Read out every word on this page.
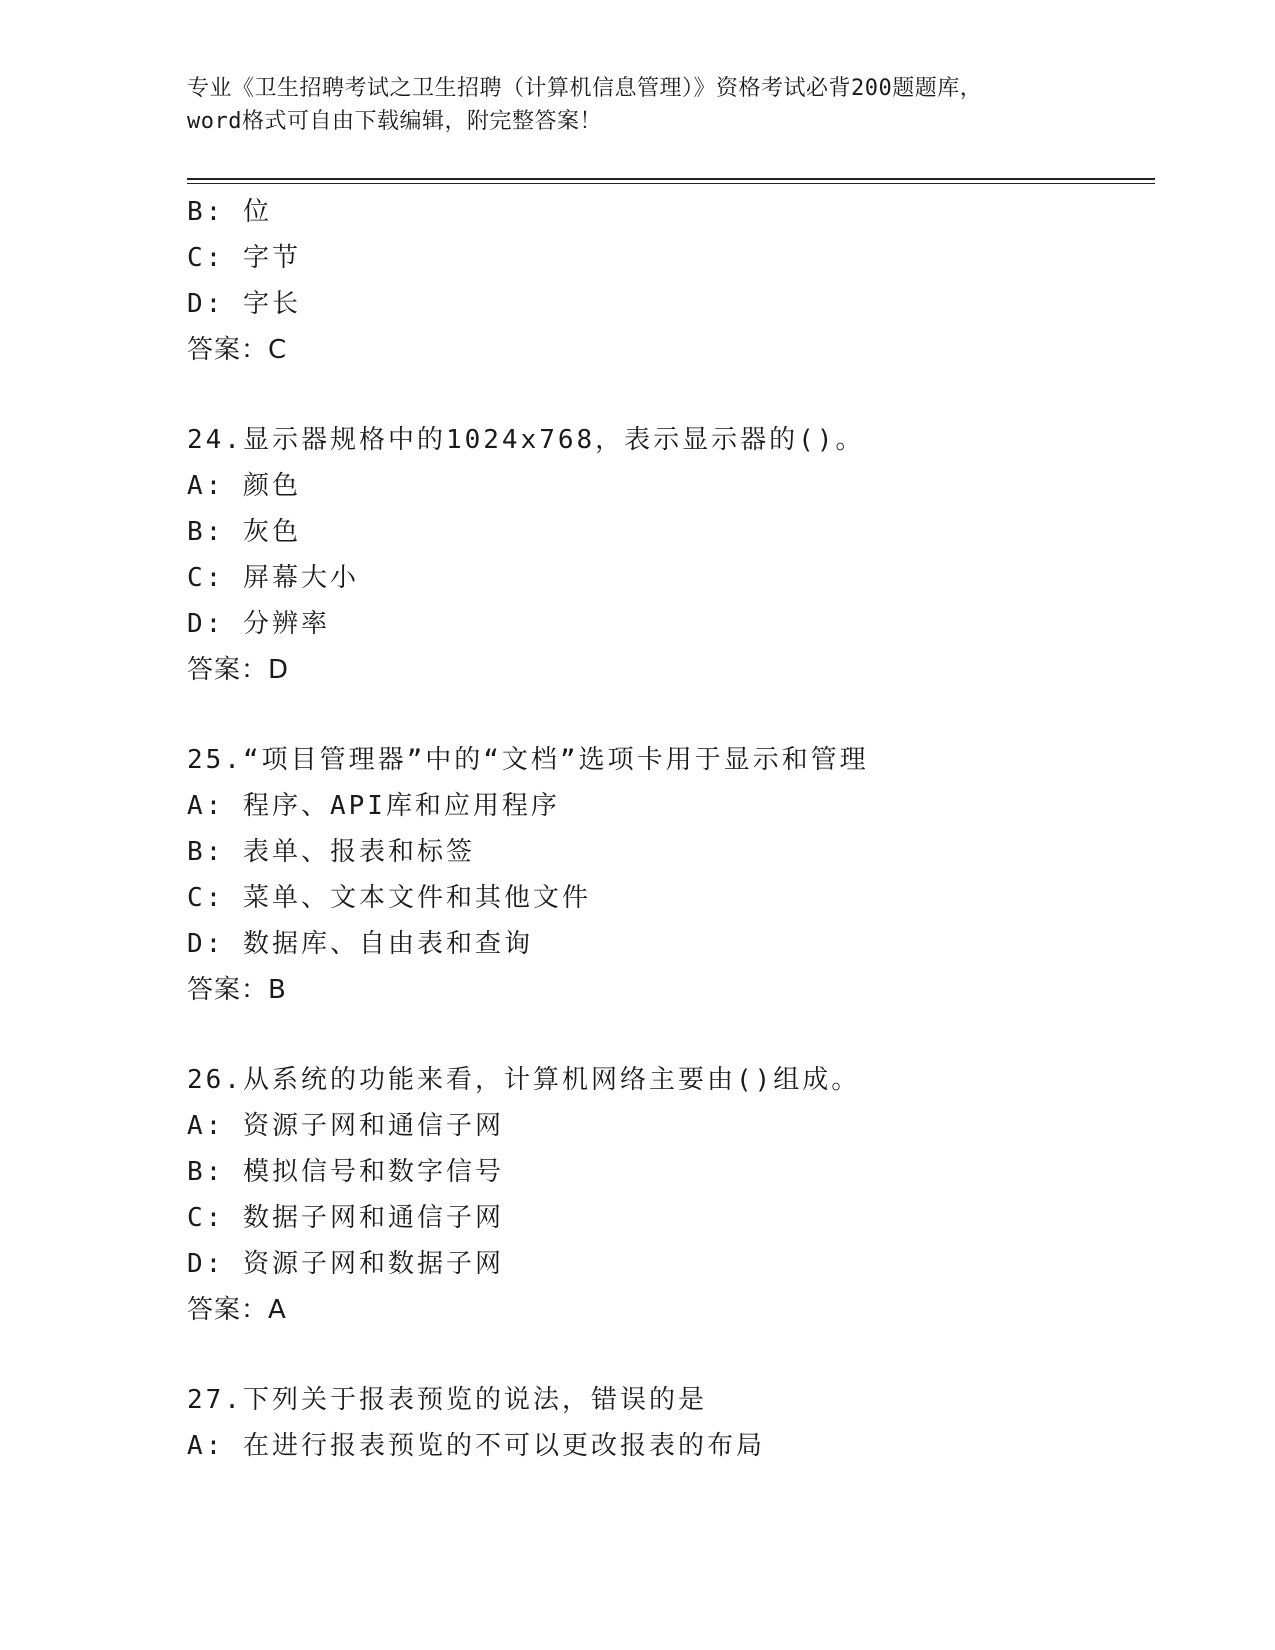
专业《卫生招聘考试之卫生招聘（计算机信息管理）》资格考试必背200题题库，
word格式可自由下载编辑，附完整答案！
B: 位
C: 字节
D: 字长
答案：C
24.显示器规格中的1024x768，表示显示器的()。
A: 颜色
B: 灰色
C: 屏幕大小
D: 分辨率
答案：D
25.“项目管理器”中的“文档”选项卡用于显示和管理
A: 程序、API库和应用程序
B: 表单、报表和标签
C: 菜单、文本文件和其他文件
D: 数据库、自由表和查询
答案：B
26.从系统的功能来看，计算机网络主要由()组成。
A: 资源子网和通信子网
B: 模拟信号和数字信号
C: 数据子网和通信子网
D: 资源子网和数据子网
答案：A
27.下列关于报表预览的说法，错误的是
A: 在进行报表预览的不可以更改报表的布局
